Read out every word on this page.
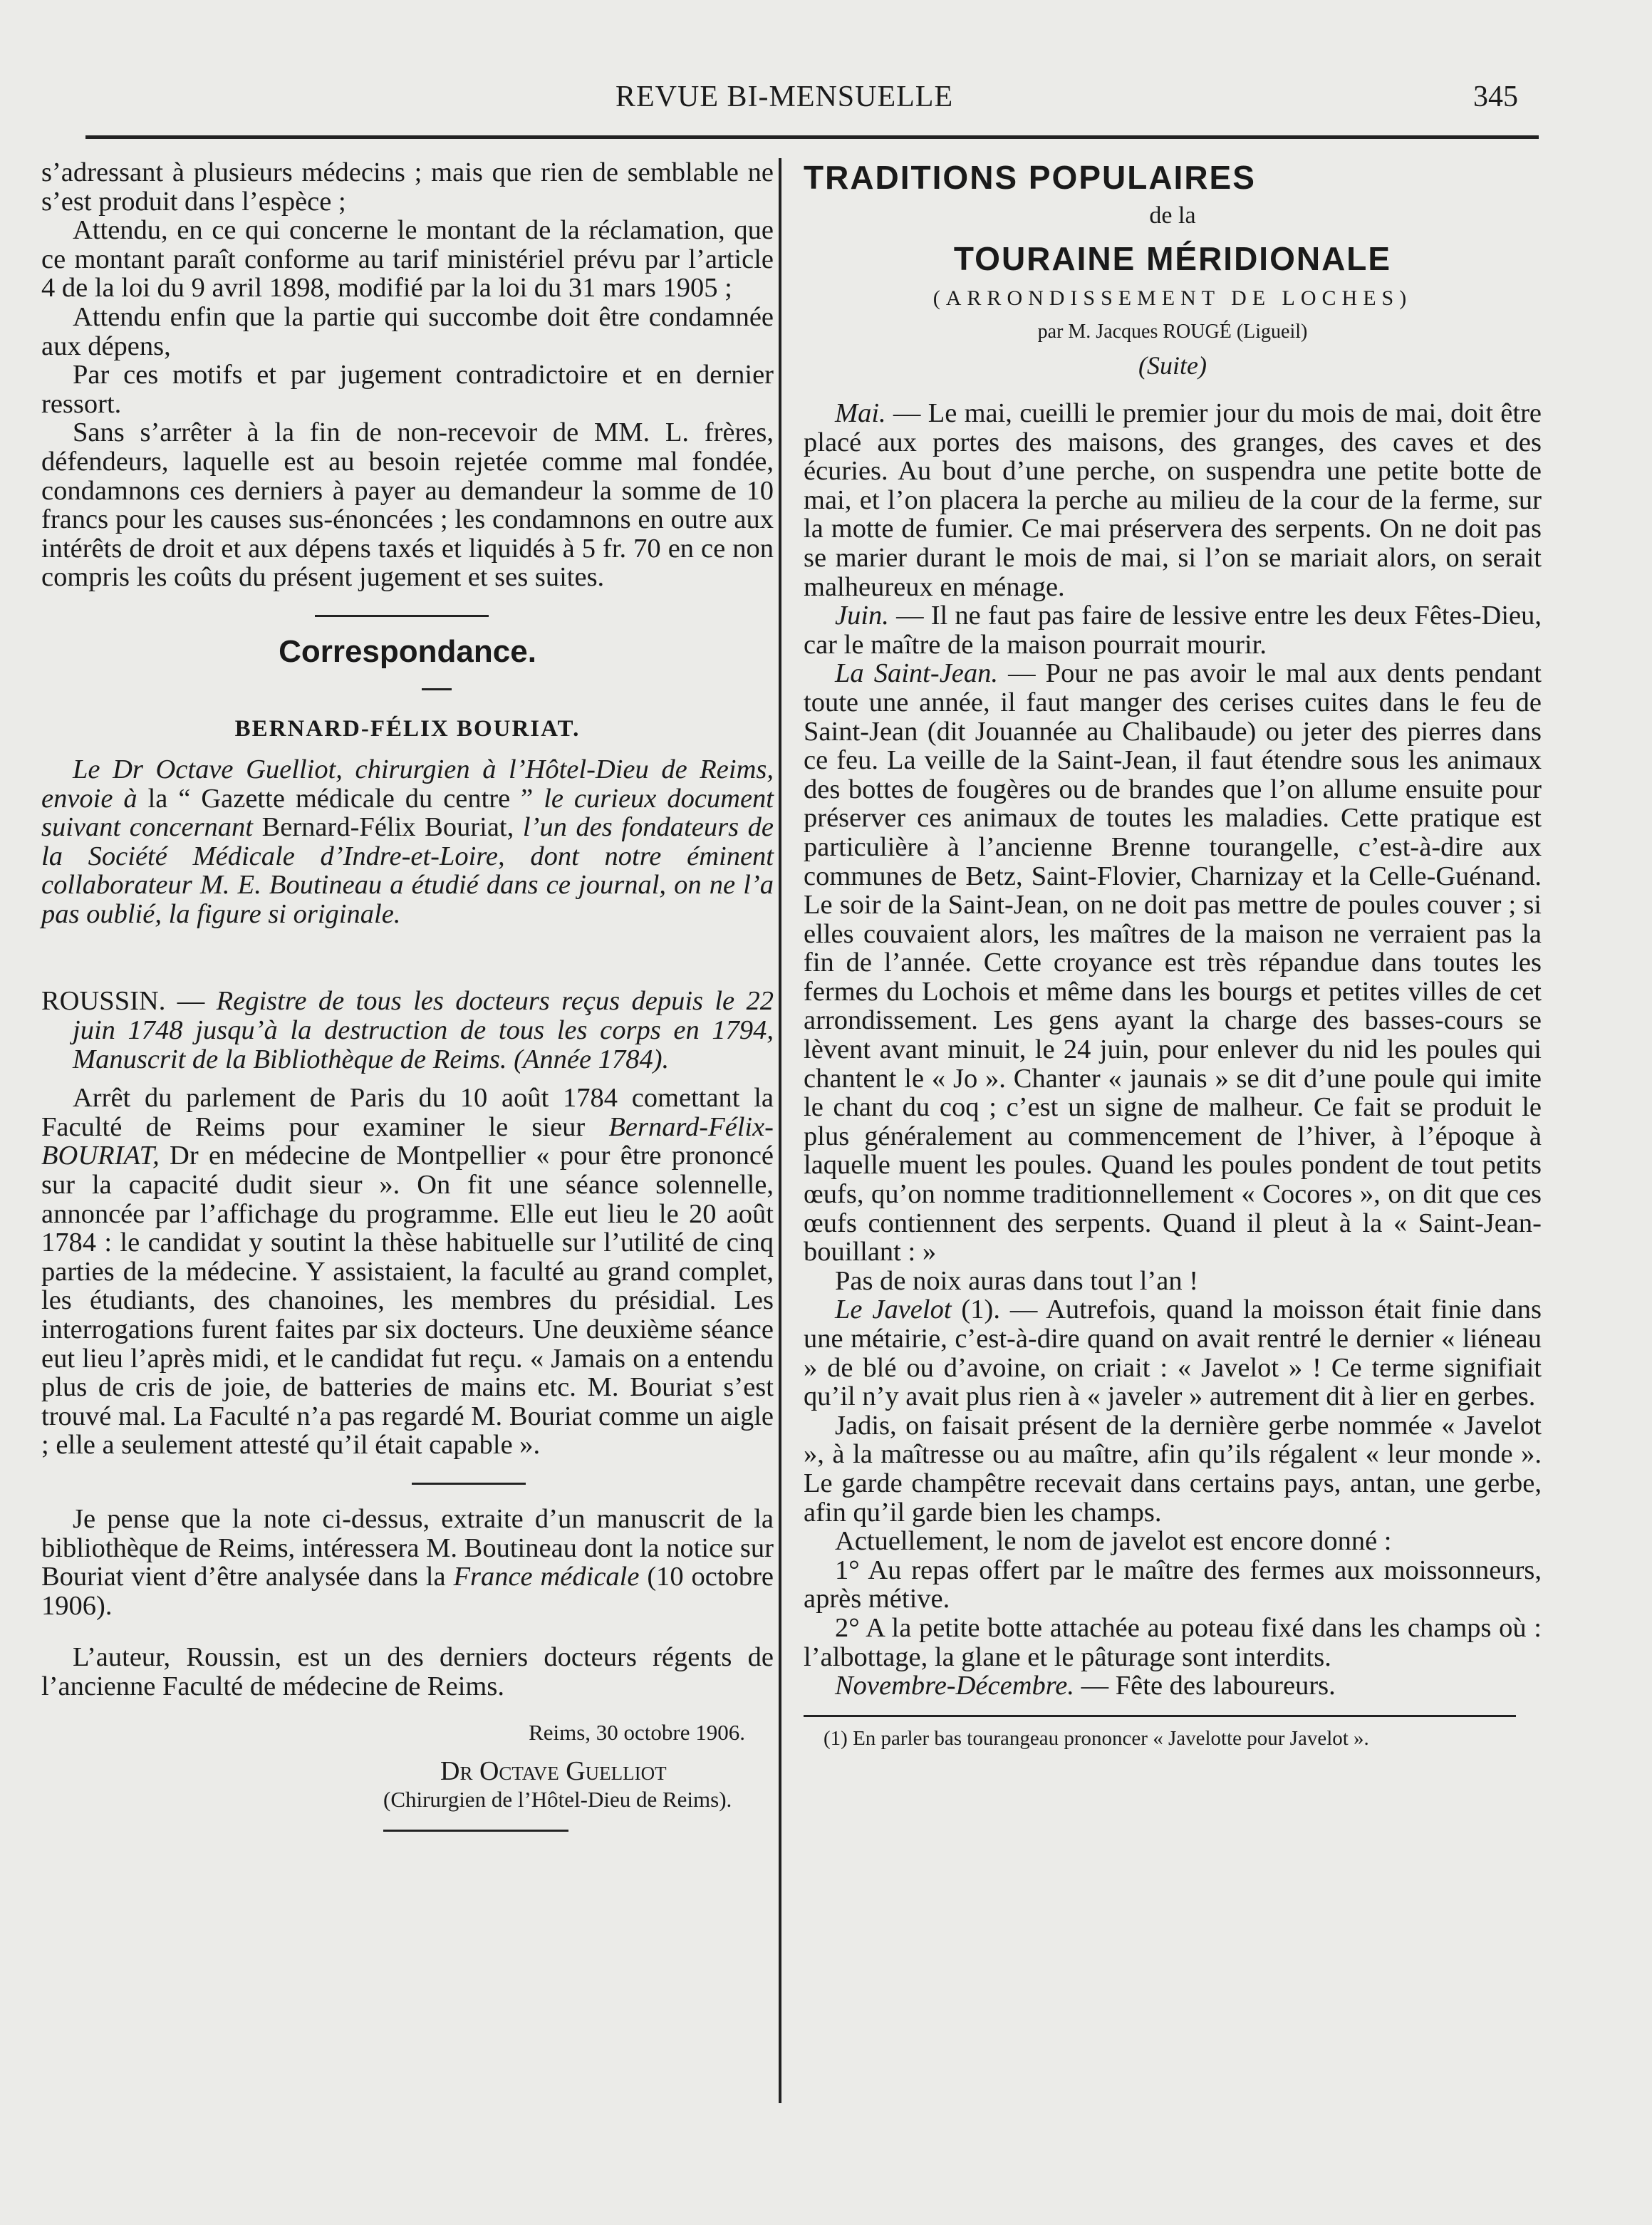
REVUE BI-MENSUELLE	345

s’adressant à plusieurs médecins ; mais que rien de semblable ne s’est produit dans l’espèce ;

Attendu, en ce qui concerne le montant de la réclamation, que ce montant paraît conforme au tarif ministériel prévu par l’article 4 de la loi du 9 avril 1898, modifié par la loi du 31 mars 1905 ;

Attendu enfin que la partie qui succombe doit être condamnée aux dépens,

Par ces motifs et par jugement contradictoire et en dernier ressort.

Sans s’arrêter à la fin de non-recevoir de MM. L. frères, défendeurs, laquelle est au besoin rejetée comme mal fondée, condamnons ces derniers à payer au demandeur la somme de 10 francs pour les causes sus-énoncées ; les condamnons en outre aux intérêts de droit et aux dépens taxés et liquidés à 5 fr. 70 en ce non compris les coûts du présent jugement et ses suites.

Correspondance.

BERNARD-FÉLIX BOURIAT.

Le Dr Octave Guelliot, chirurgien à l’Hôtel-Dieu de Reims, envoie à la “ Gazette médicale du centre ” le curieux document suivant concernant Bernard-Félix Bouriat, l’un des fondateurs de la Société Médicale d’Indre-et-Loire, dont notre éminent collaborateur M. E. Boutineau a étudié dans ce journal, on ne l’a pas oublié, la figure si originale.

ROUSSIN. — Registre de tous les docteurs reçus depuis le 22 juin 1748 jusqu’à la destruction de tous les corps en 1794, Manuscrit de la Bibliothèque de Reims. (Année 1784).

Arrêt du parlement de Paris du 10 août 1784 comettant la Faculté de Reims pour examiner le sieur Bernard-Félix-BOURIAT, Dr en médecine de Montpellier « pour être prononcé sur la capacité dudit sieur ». On fit une séance solennelle, annoncée par l’affichage du programme. Elle eut lieu le 20 août 1784 : le candidat y soutint la thèse habituelle sur l’utilité de cinq parties de la médecine. Y assistaient, la faculté au grand complet, les étudiants, des chanoines, les membres du présidial. Les interrogations furent faites par six docteurs. Une deuxième séance eut lieu l’après midi, et le candidat fut reçu. « Jamais on a entendu plus de cris de joie, de batteries de mains etc. M. Bouriat s’est trouvé mal. La Faculté n’a pas regardé M. Bouriat comme un aigle ; elle a seulement attesté qu’il était capable ».

Je pense que la note ci-dessus, extraite d’un manuscrit de la bibliothèque de Reims, intéressera M. Boutineau dont la notice sur Bouriat vient d’être analysée dans la France médicale (10 octobre 1906).

L’auteur, Roussin, est un des derniers docteurs régents de l’ancienne Faculté de médecine de Reims.

Reims, 30 octobre 1906.

Dr Octave Guelliot

(Chirurgien de l’Hôtel-Dieu de Reims).

TRADITIONS POPULAIRES

de la

TOURAINE MÉRIDIONALE

(ARRONDISSEMENT DE LOCHES)

par M. Jacques ROUGÉ (Ligueil)

(Suite)

Mai. — Le mai, cueilli le premier jour du mois de mai, doit être placé aux portes des maisons, des granges, des caves et des écuries. Au bout d’une perche, on suspendra une petite botte de mai, et l’on placera la perche au milieu de la cour de la ferme, sur la motte de fumier. Ce mai préservera des serpents. On ne doit pas se marier durant le mois de mai, si l’on se mariait alors, on serait malheureux en ménage.

Juin. — Il ne faut pas faire de lessive entre les deux Fêtes-Dieu, car le maître de la maison pourrait mourir.

La Saint-Jean. — Pour ne pas avoir le mal aux dents pendant toute une année, il faut manger des cerises cuites dans le feu de Saint-Jean (dit Jouannée au Chalibaude) ou jeter des pierres dans ce feu. La veille de la Saint-Jean, il faut étendre sous les animaux des bottes de fougères ou de brandes que l’on allume ensuite pour préserver ces animaux de toutes les maladies. Cette pratique est particulière à l’ancienne Brenne tourangelle, c’est-à-dire aux communes de Betz, Saint-Flovier, Charnizay et la Celle-Guénand. Le soir de la Saint-Jean, on ne doit pas mettre de poules couver ; si elles couvaient alors, les maîtres de la maison ne verraient pas la fin de l’année. Cette croyance est très répandue dans toutes les fermes du Lochois et même dans les bourgs et petites villes de cet arrondissement. Les gens ayant la charge des basses-cours se lèvent avant minuit, le 24 juin, pour enlever du nid les poules qui chantent le « Jo ». Chanter « jaunais » se dit d’une poule qui imite le chant du coq ; c’est un signe de malheur. Ce fait se produit le plus généralement au commencement de l’hiver, à l’époque à laquelle muent les poules. Quand les poules pondent de tout petits œufs, qu’on nomme traditionnellement « Cocores », on dit que ces œufs contiennent des serpents. Quand il pleut à la « Saint-Jean-bouillant : »

Pas de noix auras dans tout l’an !

Le Javelot (1). — Autrefois, quand la moisson était finie dans une métairie, c’est-à-dire quand on avait rentré le dernier « liéneau » de blé ou d’avoine, on criait : « Javelot » ! Ce terme signifiait qu’il n’y avait plus rien à « javeler » autrement dit à lier en gerbes.

Jadis, on faisait présent de la dernière gerbe nommée « Javelot », à la maîtresse ou au maître, afin qu’ils régalent « leur monde ». Le garde champêtre recevait dans certains pays, antan, une gerbe, afin qu’il garde bien les champs.

Actuellement, le nom de javelot est encore donné :

1° Au repas offert par le maître des fermes aux moissonneurs, après métive.

2° A la petite botte attachée au poteau fixé dans les champs où : l’albottage, la glane et le pâturage sont interdits.

Novembre-Décembre. — Fête des laboureurs.

(1) En parler bas tourangeau prononcer « Javelotte pour Javelot ».
